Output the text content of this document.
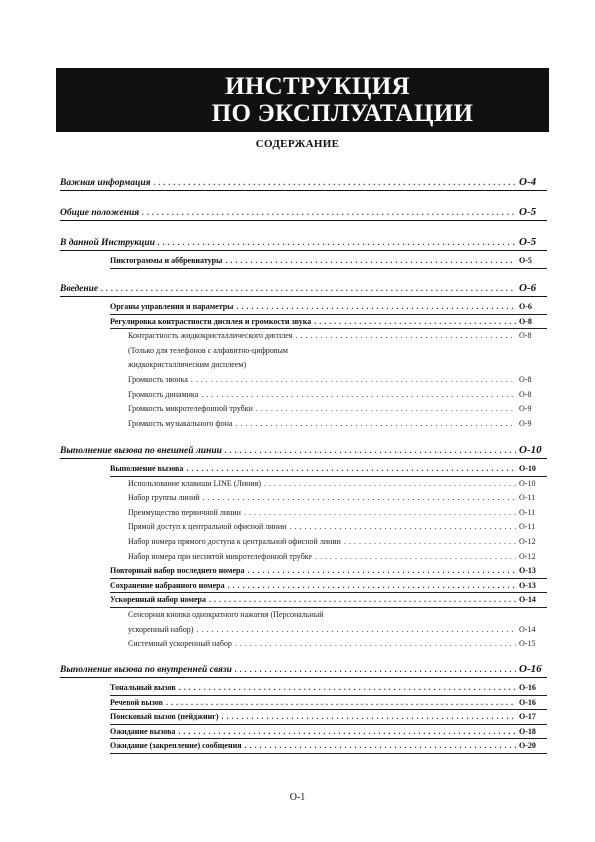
ИНСТРУКЦИЯ
ПО ЭКСПЛУАТАЦИИ
СОДЕРЖАНИЕ
Важная информация . . .	O-4
Общие положения . . .	O-5
В данной Инструкции . . .	O-5
Пиктограммы и аббревиатуры . . .	O-5
Введение . . .	O-6
Органы управления и параметры . . .	O-6
Регулировка контрастности дисплея и громкости звука . . .	O-8
Контрастность жидкокристаллического дисплея . . .	O-8
(Только для телефонов с алфавитно-цифровым
жидкокристаллическим дисплеем)
Громкость звонка . . .	O-8
Громкость динамика . . .	O-8
Громкость микротелефонной трубки . . .	O-9
Громкость музыкального фона . . .	O-9
Выполнение вызова по внешней линии . . .	O-10
Выполнение вызова . . .	O-10
Использование клавиши LINE (Линия) . . .	O-10
Набор группы линий . . .	O-11
Преимущество первичной линии . . .	O-11
Прямой доступ к центральной офисной линии . . .	O-11
Набор номера прямого доступа к центральной офисной линии . . .	O-12
Набор номера при неснятой микротелефонной трубке . . .	O-12
Повторный набор последнего номера . . .	O-13
Сохранение набранного номера . . .	O-13
Ускоренный набор номера . . .	O-14
Сенсорная кнопка однократного нажатия (Персональный
ускоренный набор) . . .	O-14
Системный ускоренный набор . . .	O-15
Выполнение вызова по внутренней связи . . .	O-16
Тональный вызов . . .	O-16
Речевой вызов . . .	O-16
Поисковый вызов (пейджинг) . . .	O-17
Ожидание вызова . . .	O-18
Ожидание (закрепление) сообщения . . .	O-20
O-1
